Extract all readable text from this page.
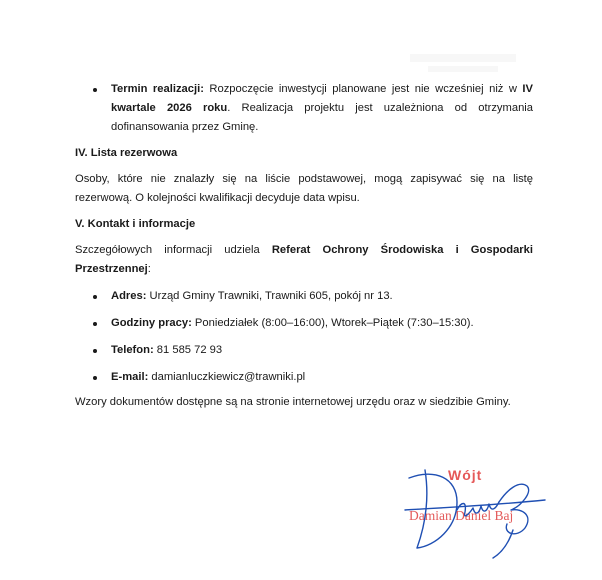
Termin realizacji: Rozpoczęcie inwestycji planowane jest nie wcześniej niż w IV kwartale 2026 roku. Realizacja projektu jest uzależniona od otrzymania dofinansowania przez Gminę.

IV. Lista rezerwowa

Osoby, które nie znalazły się na liście podstawowej, mogą zapisywać się na listę rezerwową. O kolejności kwalifikacji decyduje data wpisu.

V. Kontakt i informacje

Szczegółowych informacji udziela Referat Ochrony Środowiska i Gospodarki Przestrzennej:

Adres: Urząd Gminy Trawniki, Trawniki 605, pokój nr 13.
Godziny pracy: Poniedziałek (8:00–16:00), Wtorek–Piątek (7:30–15:30).
Telefon: 81 585 72 93
E-mail: damianluczkiewicz@trawniki.pl

Wzory dokumentów dostępne są na stronie internetowej urzędu oraz w siedzibie Gminy.

Wójt
Damian Daniel Baj
